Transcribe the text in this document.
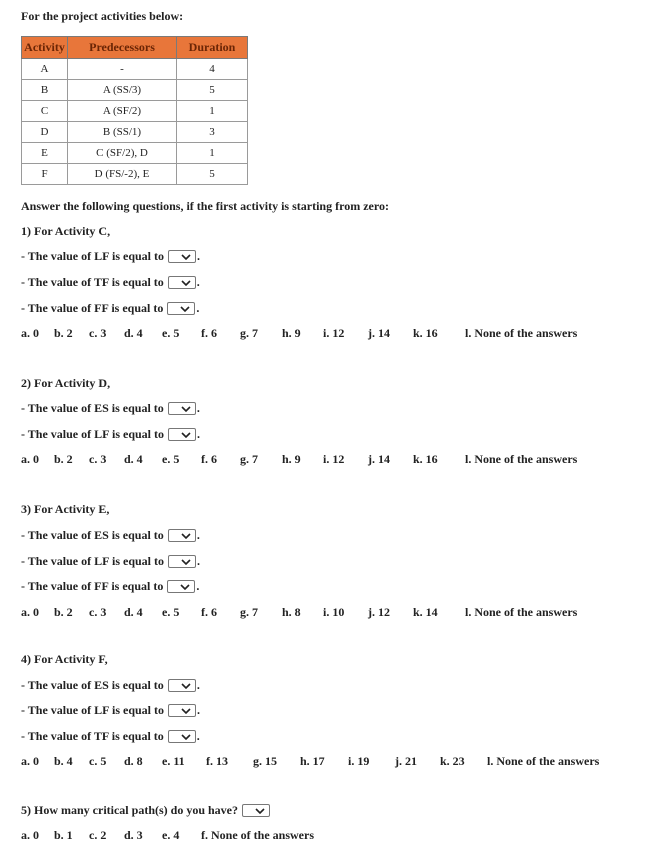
For the project activities below:
Activity	Predecessors	Duration
A	-	4
B	A (SS/3)	5
C	A (SF/2)	1
D	B (SS/1)	3
E	C (SF/2), D	1
F	D (FS/-2), E	5
Answer the following questions, if the first activity is starting from zero:
1) For Activity C,
- The value of LF is equal to	.
- The value of TF is equal to	.
- The value of FF is equal to	.
a. 0 b. 2 c. 3 d. 4 e. 5 f. 6 g. 7 h. 9 i. 12 j. 14 k. 16 l. None of the answers
2) For Activity D,
- The value of ES is equal to	.
- The value of LF is equal to	.
a. 0 b. 2 c. 3 d. 4 e. 5 f. 6 g. 7 h. 9 i. 12 j. 14 k. 16 l. None of the answers
3) For Activity E,
- The value of ES is equal to	.
- The value of LF is equal to	.
- The value of FF is equal to	.
a. 0 b. 2 c. 3 d. 4 e. 5 f. 6 g. 7 h. 8 i. 10 j. 12 k. 14 l. None of the answers
4) For Activity F,
- The value of ES is equal to	.
- The value of LF is equal to	.
- The value of TF is equal to	.
a. 0 b. 4 c. 5 d. 8 e. 11 f. 13 g. 15 h. 17 i. 19 j. 21 k. 23 l. None of the answers
5) How many critical path(s) do you have?
a. 0 b. 1 c. 2 d. 3 e. 4 f. None of the answers
